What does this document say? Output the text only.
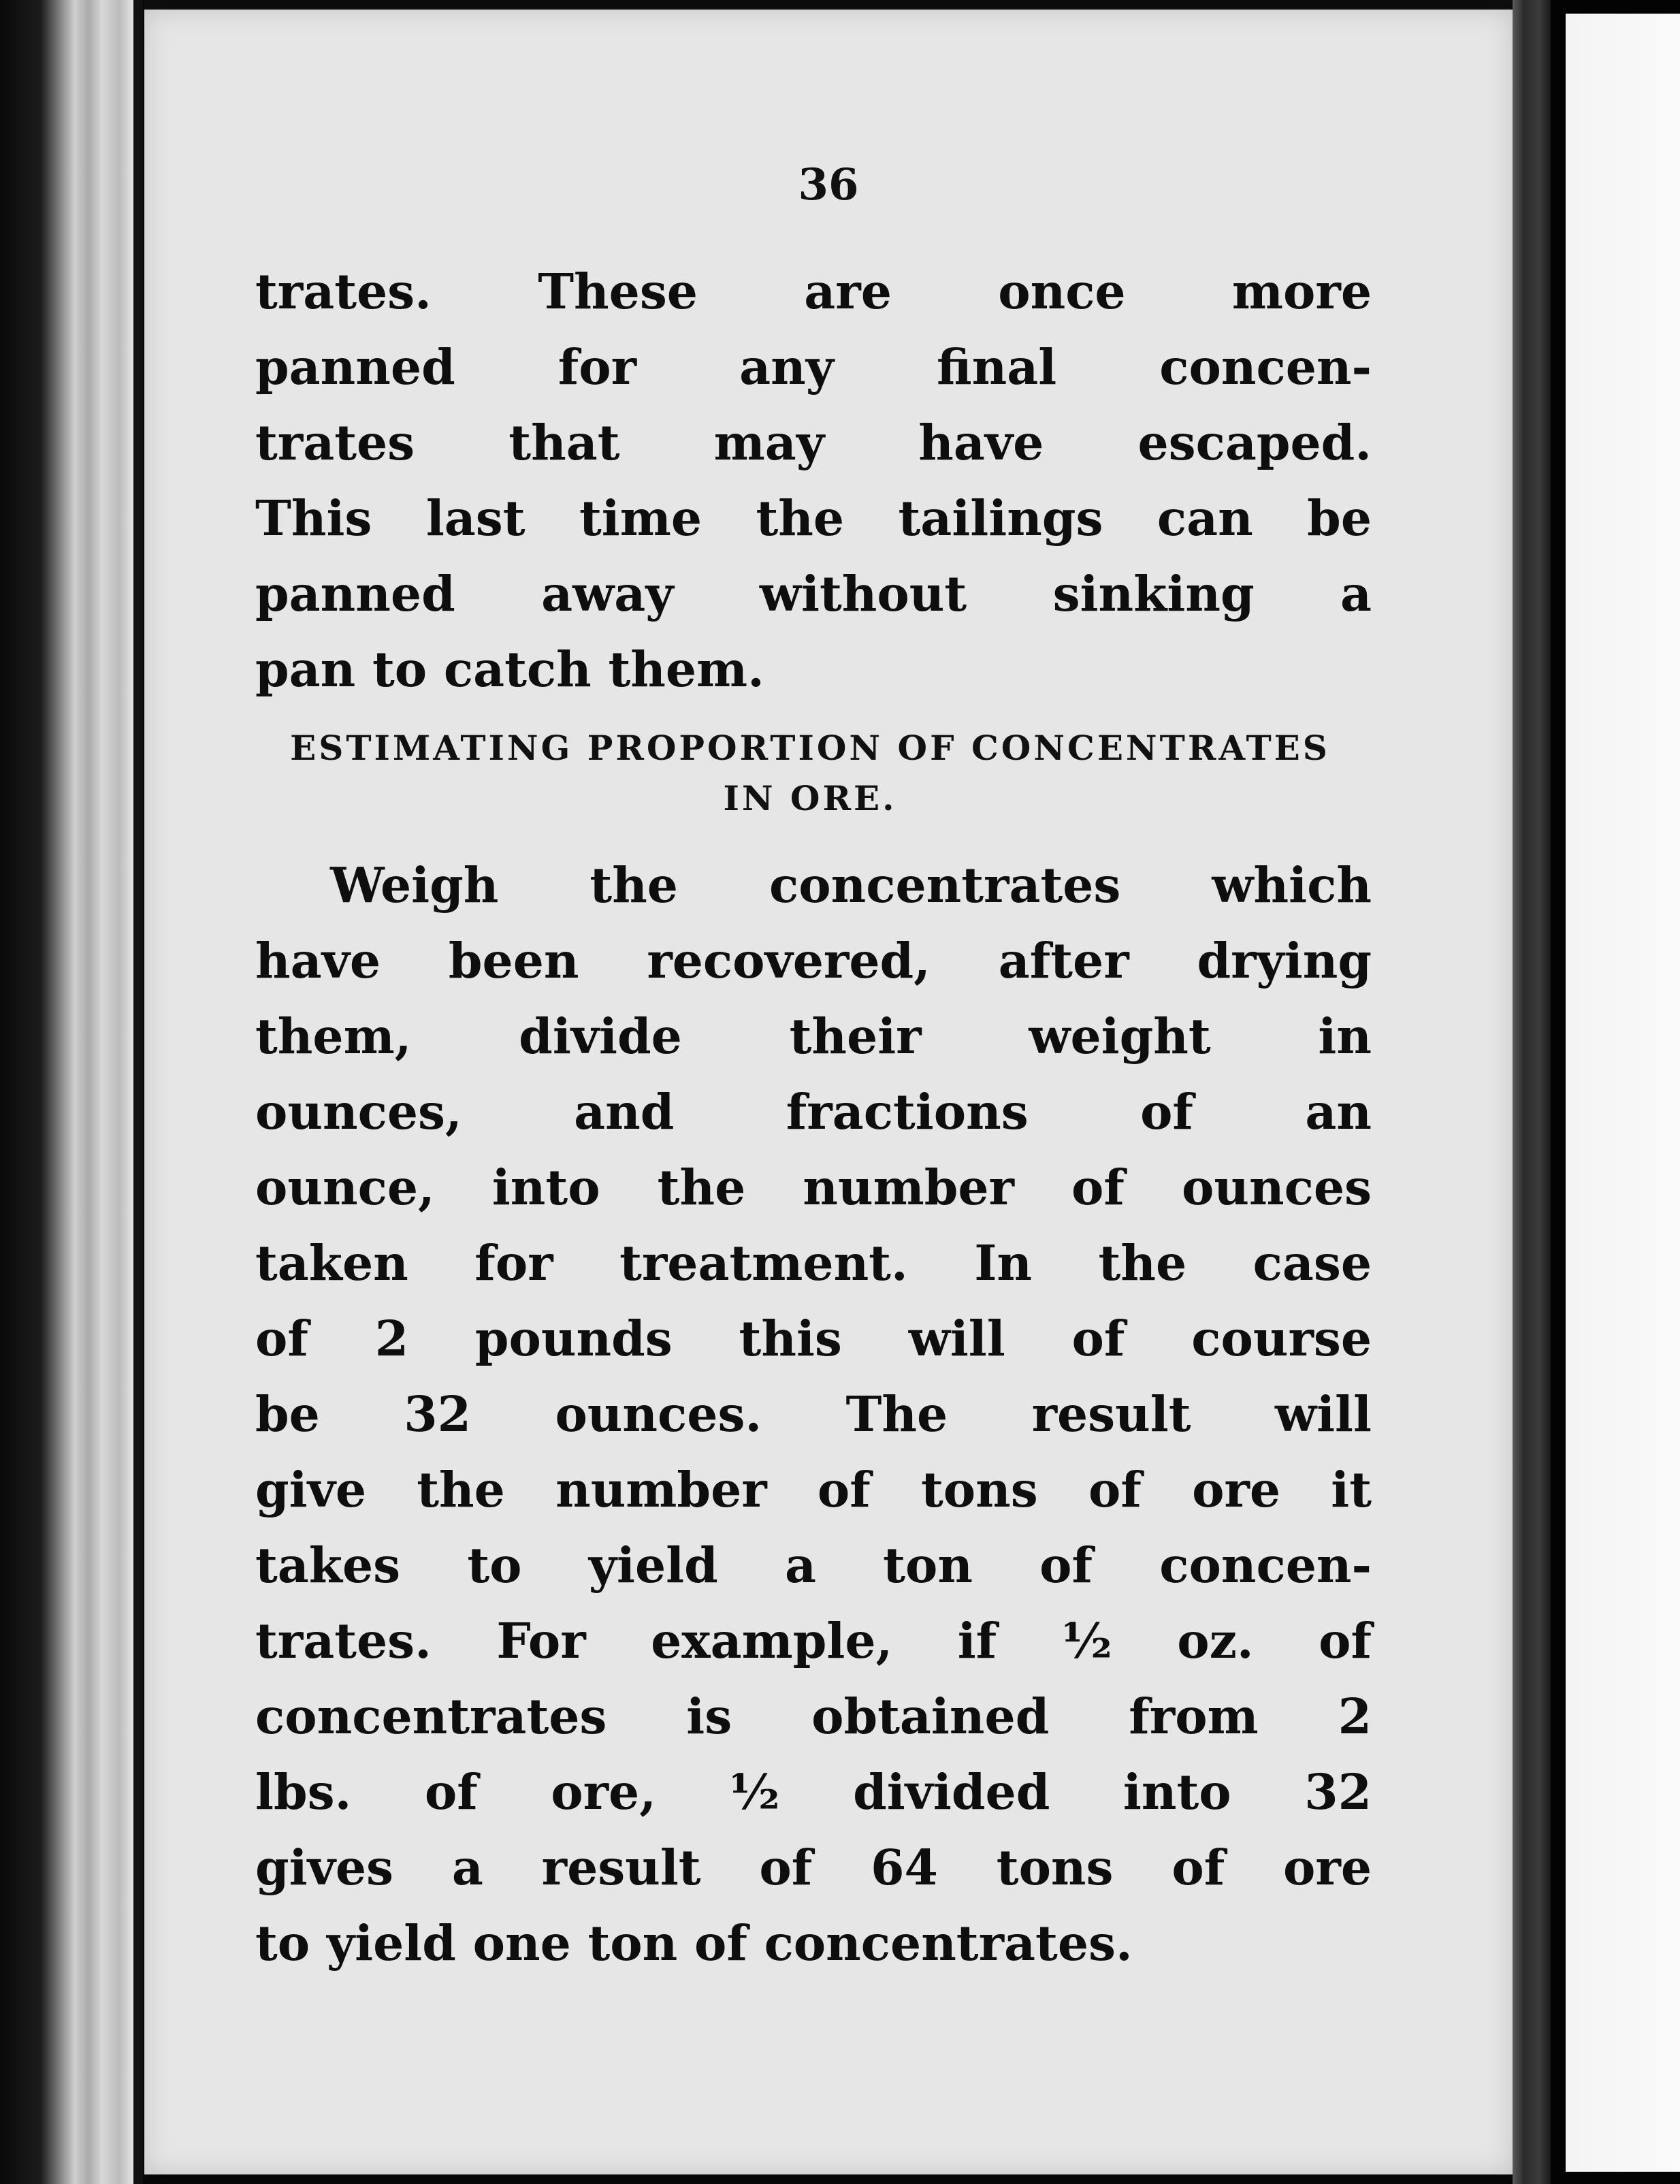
36
trates. These are once more
panned for any final concen-
trates that may have escaped.
This last time the tailings can be
panned away without sinking a
pan to catch them.
ESTIMATING PROPORTION OF CONCENTRATES
IN ORE.
Weigh the concentrates which
have been recovered, after drying
them, divide their weight in
ounces, and fractions of an
ounce, into the number of ounces
taken for treatment. In the case
of 2 pounds this will of course
be 32 ounces. The result will
give the number of tons of ore it
takes to yield a ton of concen-
trates. For example, if ½ oz. of
concentrates is obtained from 2
lbs. of ore, ½ divided into 32
gives a result of 64 tons of ore
to yield one ton of concentrates.
